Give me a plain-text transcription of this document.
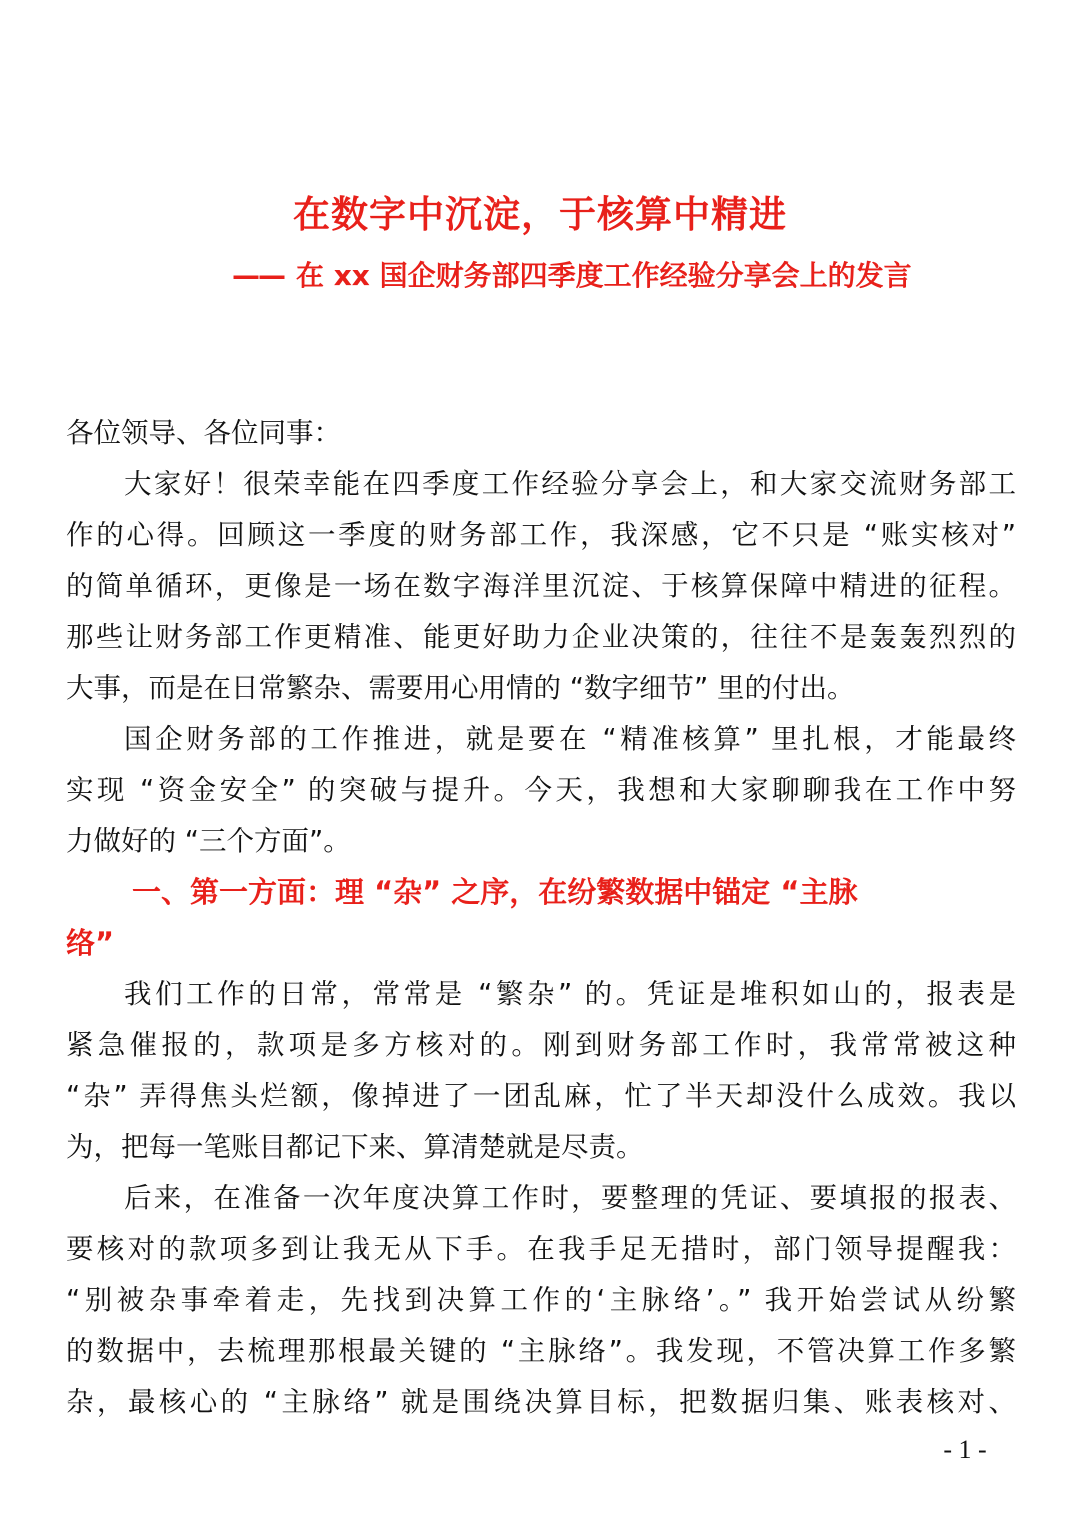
在数字中沉淀，于核算中精进
—— 在 xx 国企财务部四季度工作经验分享会上的发言
各位领导、各位同事：
大家好！很荣幸能在四季度工作经验分享会上，和大家交流财务部工
作的心得。回顾这一季度的财务部工作，我深感，它不只是 “账实核对”
的简单循环，更像是一场在数字海洋里沉淀、于核算保障中精进的征程。
那些让财务部工作更精准、能更好助力企业决策的，往往不是轰轰烈烈的
大事，而是在日常繁杂、需要用心用情的 “数字细节” 里的付出。
国企财务部的工作推进，就是要在 “精准核算” 里扎根，才能最终
实现 “资金安全” 的突破与提升。今天，我想和大家聊聊我在工作中努
力做好的 “三个方面”。
一、第一方面：理 “杂” 之序，在纷繁数据中锚定 “主脉
络”
我们工作的日常，常常是 “繁杂” 的。凭证是堆积如山的，报表是
紧急催报的，款项是多方核对的。刚到财务部工作时，我常常被这种
“杂” 弄得焦头烂额，像掉进了一团乱麻，忙了半天却没什么成效。我以
为，把每一笔账目都记下来、算清楚就是尽责。
后来，在准备一次年度决算工作时，要整理的凭证、要填报的报表、
要核对的款项多到让我无从下手。在我手足无措时，部门领导提醒我：
“别被杂事牵着走，先找到决算工作的‘主脉络’。” 我开始尝试从纷繁
的数据中，去梳理那根最关键的 “主脉络”。我发现，不管决算工作多繁
杂，最核心的 “主脉络” 就是围绕决算目标，把数据归集、账表核对、
- 1 -
